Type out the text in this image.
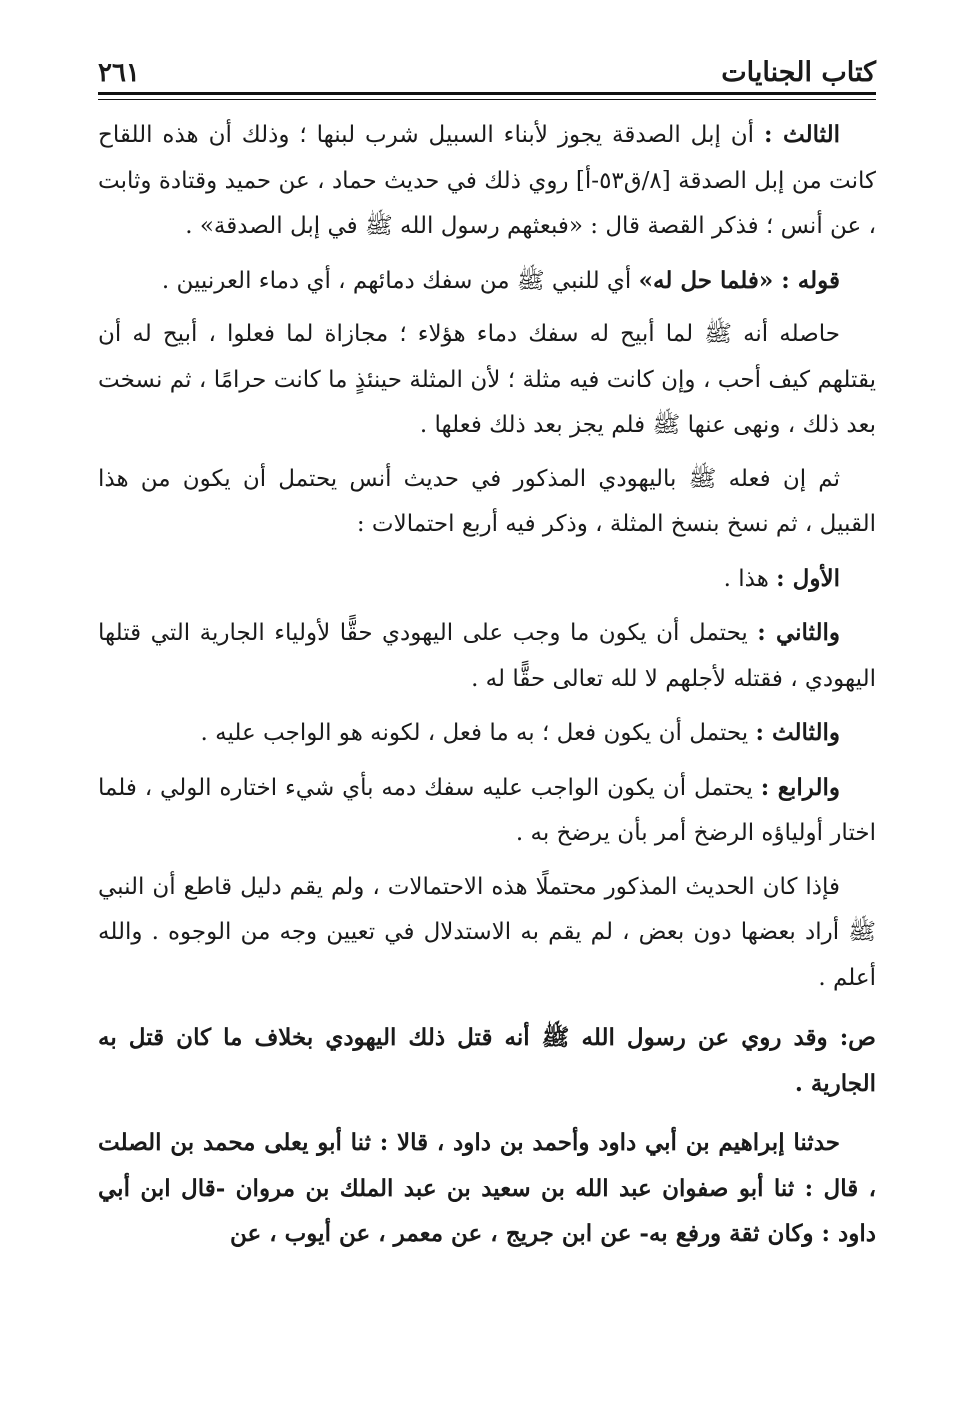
كتاب الجنايات
٢٦١

الثالث : أن إبل الصدقة يجوز لأبناء السبيل شرب لبنها ؛ وذلك أن هذه اللقاح كانت من إبل الصدقة [٨/ق٥٣-أ] روي ذلك في حديث حماد ، عن حميد وقتادة وثابت ، عن أنس ؛ فذكر القصة قال : «فبعثهم رسول الله ﷺ في إبل الصدقة» .

قوله : «فلما حل له» أي للنبي ﷺ من سفك دمائهم ، أي دماء العرنيين .

حاصله أنه ﷺ لما أبيح له سفك دماء هؤلاء ؛ مجازاة لما فعلوا ، أبيح له أن يقتلهم كيف أحب ، وإن كانت فيه مثلة ؛ لأن المثلة حينئذٍ ما كانت حرامًا ، ثم نسخت بعد ذلك ، ونهى عنها ﷺ فلم يجز بعد ذلك فعلها .

ثم إن فعله ﷺ باليهودي المذكور في حديث أنس يحتمل أن يكون من هذا القبيل ، ثم نسخ بنسخ المثلة ، وذكر فيه أربع احتمالات :

الأول : هذا .

والثاني : يحتمل أن يكون ما وجب على اليهودي حقًّا لأولياء الجارية التي قتلها اليهودي ، فقتله لأجلهم لا لله تعالى حقًّا له .

والثالث : يحتمل أن يكون فعل ؛ به ما فعل ، لكونه هو الواجب عليه .

والرابع : يحتمل أن يكون الواجب عليه سفك دمه بأي شيء اختاره الولي ، فلما اختار أولياؤه الرضخ أمر بأن يرضخ به .

فإذا كان الحديث المذكور محتملًا هذه الاحتمالات ، ولم يقم دليل قاطع أن النبي ﷺ أراد بعضها دون بعض ، لم يقم به الاستدلال في تعيين وجه من الوجوه . والله أعلم .

ص: وقد روي عن رسول الله ﷺ أنه قتل ذلك اليهودي بخلاف ما كان قتل به الجارية .

حدثنا إبراهيم بن أبي داود وأحمد بن داود ، قالا : ثنا أبو يعلى محمد بن الصلت ، قال : ثنا أبو صفوان عبد الله بن سعيد بن عبد الملك بن مروان -قال ابن أبي داود : وكان ثقة ورفع به- عن ابن جريج ، عن معمر ، عن أيوب ، عن
